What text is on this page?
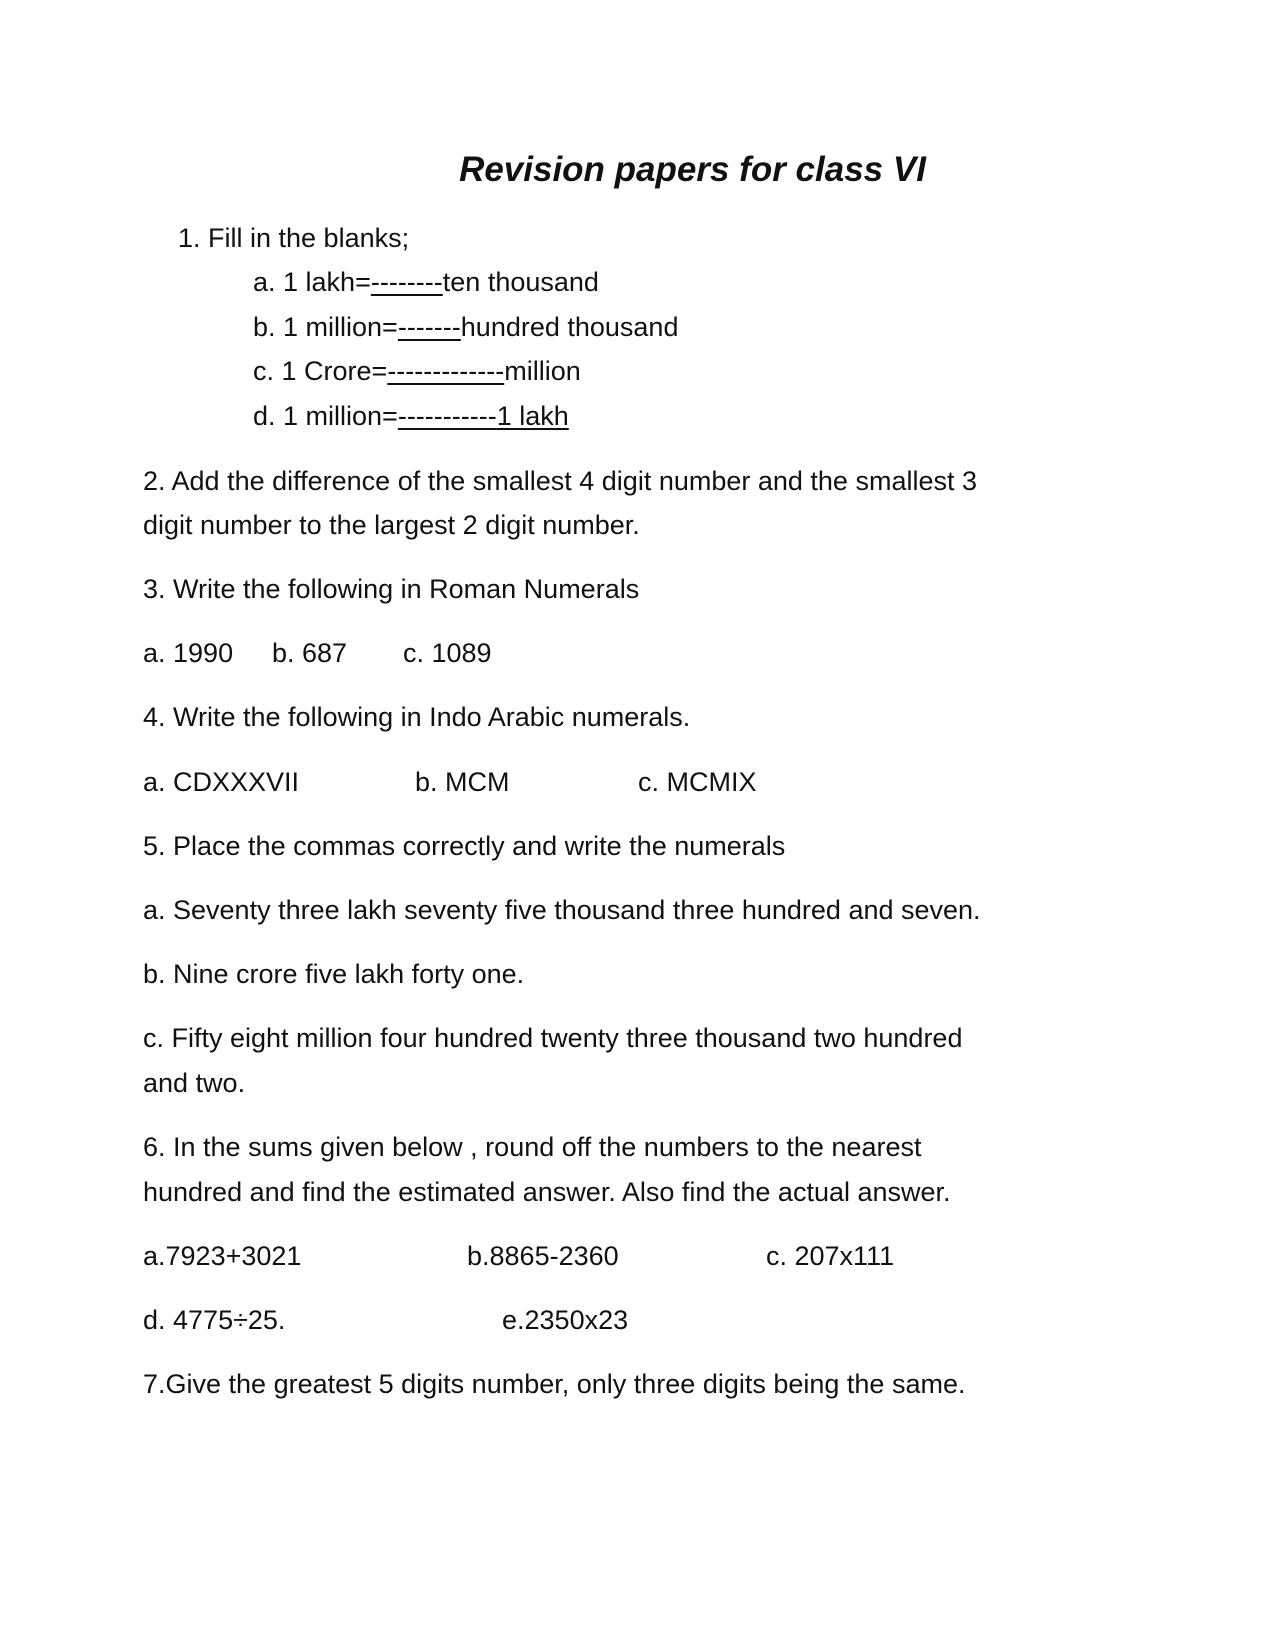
Revision papers for class VI
1. Fill in the blanks;
a. 1 lakh=--------ten thousand
b. 1 million=-------hundred thousand
c. 1 Crore=-------------million
d. 1 million=-----------1 lakh
2. Add the difference of the smallest 4 digit number and the smallest 3
digit number to the largest 2 digit number.
3. Write the following in Roman Numerals
a. 1990 b. 687 c. 1089
4. Write the following in Indo Arabic numerals.
a. CDXXXVII	b. MCM	c. MCMIX
5. Place the commas correctly and write the numerals
a. Seventy three lakh seventy five thousand three hundred and seven.
b. Nine crore five lakh forty one.
c. Fifty eight million four hundred twenty three thousand two hundred
and two.
6. In the sums given below , round off the numbers to the nearest
hundred and find the estimated answer. Also find the actual answer.
a.7923+3021	b.8865-2360	c. 207x111
d. 4775÷25.	e.2350x23
7.Give the greatest 5 digits number, only three digits being the same.
